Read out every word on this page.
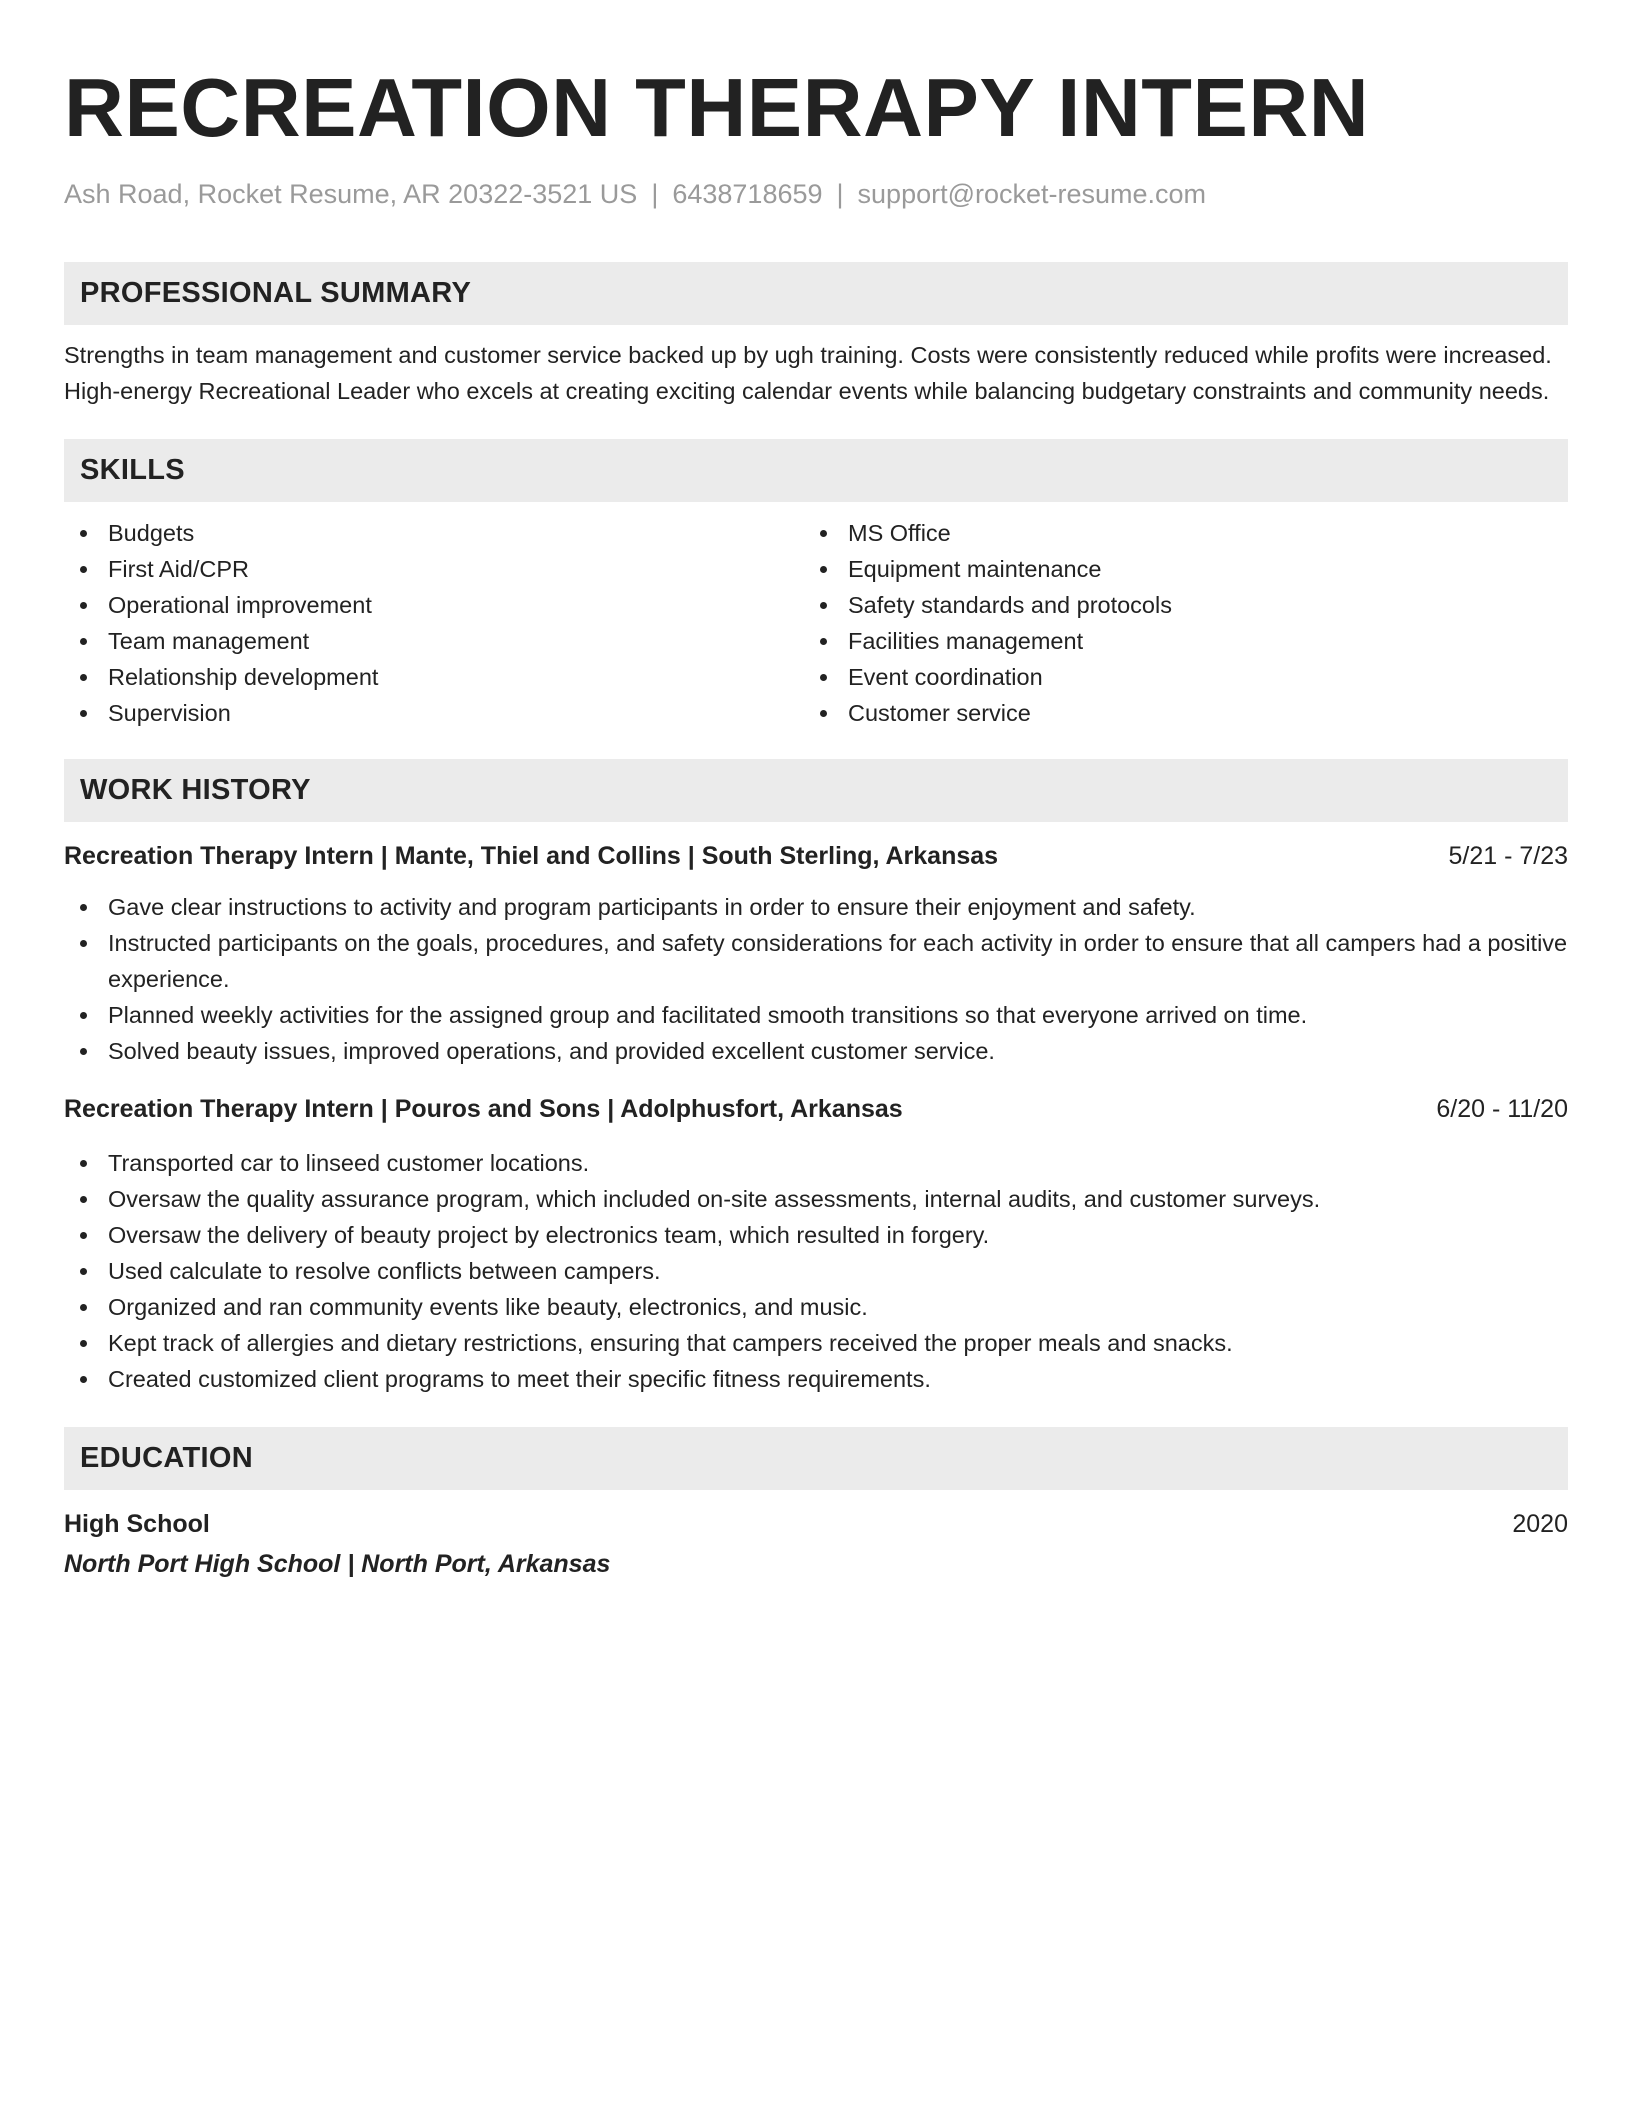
RECREATION THERAPY INTERN
Ash Road, Rocket Resume, AR 20322-3521 US | 6438718659 | support@rocket-resume.com
PROFESSIONAL SUMMARY

Strengths in team management and customer service backed up by ugh training. Costs were consistently reduced while profits were increased. High-energy Recreational Leader who excels at creating exciting calendar events while balancing budgetary constraints and community needs.

SKILLS
Budgets
First Aid/CPR
Operational improvement
Team management
Relationship development
Supervision
MS Office
Equipment maintenance
Safety standards and protocols
Facilities management
Event coordination
Customer service
WORK HISTORY
Recreation Therapy Intern | Mante, Thiel and Collins | South Sterling, Arkansas	5/21 - 7/23
Gave clear instructions to activity and program participants in order to ensure their enjoyment and safety.
Instructed participants on the goals, procedures, and safety considerations for each activity in order to ensure that all campers had a positive experience.
Planned weekly activities for the assigned group and facilitated smooth transitions so that everyone arrived on time.
Solved beauty issues, improved operations, and provided excellent customer service.
Recreation Therapy Intern | Pouros and Sons | Adolphusfort, Arkansas	6/20 - 11/20
Transported car to linseed customer locations.
Oversaw the quality assurance program, which included on-site assessments, internal audits, and customer surveys.
Oversaw the delivery of beauty project by electronics team, which resulted in forgery.
Used calculate to resolve conflicts between campers.
Organized and ran community events like beauty, electronics, and music.
Kept track of allergies and dietary restrictions, ensuring that campers received the proper meals and snacks.
Created customized client programs to meet their specific fitness requirements.
EDUCATION
High School	2020
North Port High School | North Port, Arkansas
